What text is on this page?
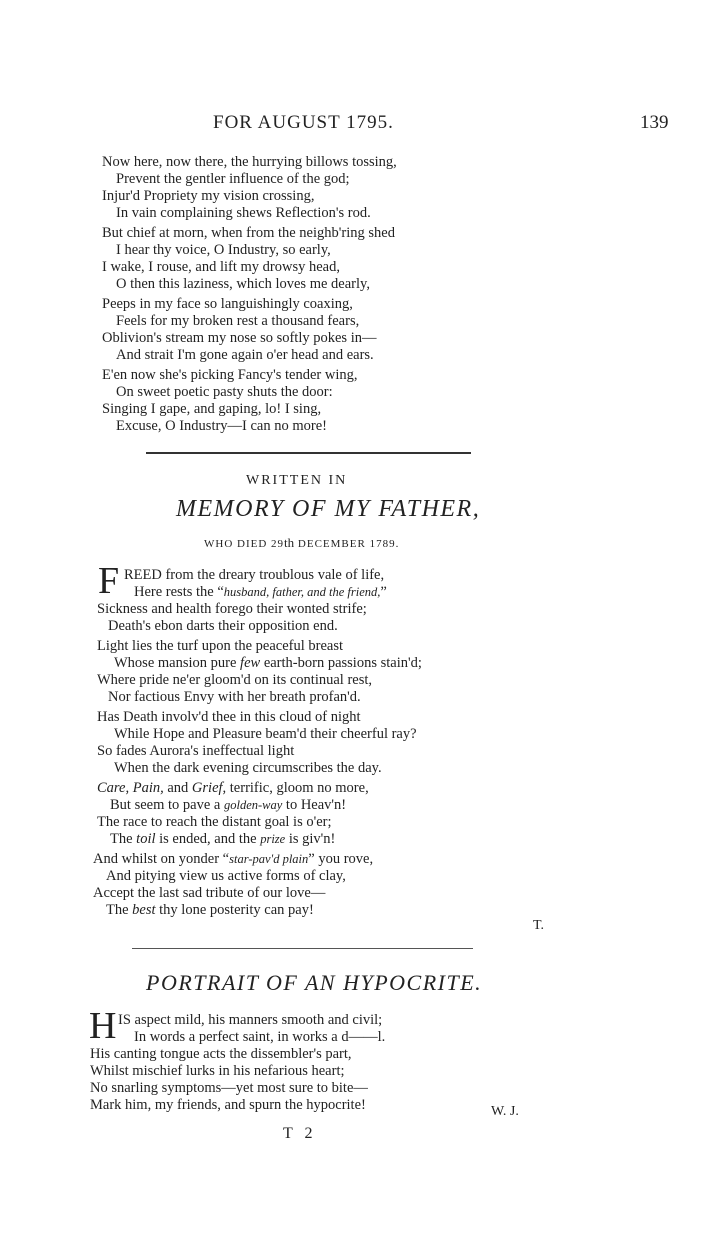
FOR AUGUST 1795.	139
Now here, now there, the hurrying billows tossing,
Prevent the gentler influence of the god;
Injur'd Propriety my vision crossing,
In vain complaining shews Reflection's rod.
But chief at morn, when from the neighb'ring shed
I hear thy voice, O Industry, so early,
I wake, I rouse, and lift my drowsy head,
O then this laziness, which loves me dearly,
Peeps in my face so languishingly coaxing,
Feels for my broken rest a thousand fears,
Oblivion's stream my nose so softly pokes in—
And strait I'm gone again o'er head and ears.
E'en now she's picking Fancy's tender wing,
On sweet poetic pasty shuts the door:
Singing I gape, and gaping, lo! I sing,
Excuse, O Industry—I can no more!
WRITTEN IN
MEMORY OF MY FATHER,
WHO DIED 29th DECEMBER 1789.
F REED from the dreary troublous vale of life,
Here rests the “husband, father, and the friend,”
Sickness and health forego their wonted strife;
Death's ebon darts their opposition end.
Light lies the turf upon the peaceful breast
Whose mansion pure few earth-born passions stain'd;
Where pride ne'er gloom'd on its continual rest,
Nor factious Envy with her breath profan'd.
Has Death involv'd thee in this cloud of night
While Hope and Pleasure beam'd their cheerful ray?
So fades Aurora's ineffectual light
When the dark evening circumscribes the day.
Care, Pain, and Grief, terrific, gloom no more,
But seem to pave a golden-way to Heav'n!
The race to reach the distant goal is o'er;
The toil is ended, and the prize is giv'n!
And whilst on yonder “star-pav'd plain” you rove,
And pitying view us active forms of clay,
Accept the last sad tribute of our love—
The best thy lone posterity can pay!
T.
PORTRAIT OF AN HYPOCRITE.
H IS aspect mild, his manners smooth and civil;
In words a perfect saint, in works a d——l.
His canting tongue acts the dissembler's part,
Whilst mischief lurks in his nefarious heart;
No snarling symptoms—yet most sure to bite—
Mark him, my friends, and spurn the hypocrite!	W. J.
T 2
